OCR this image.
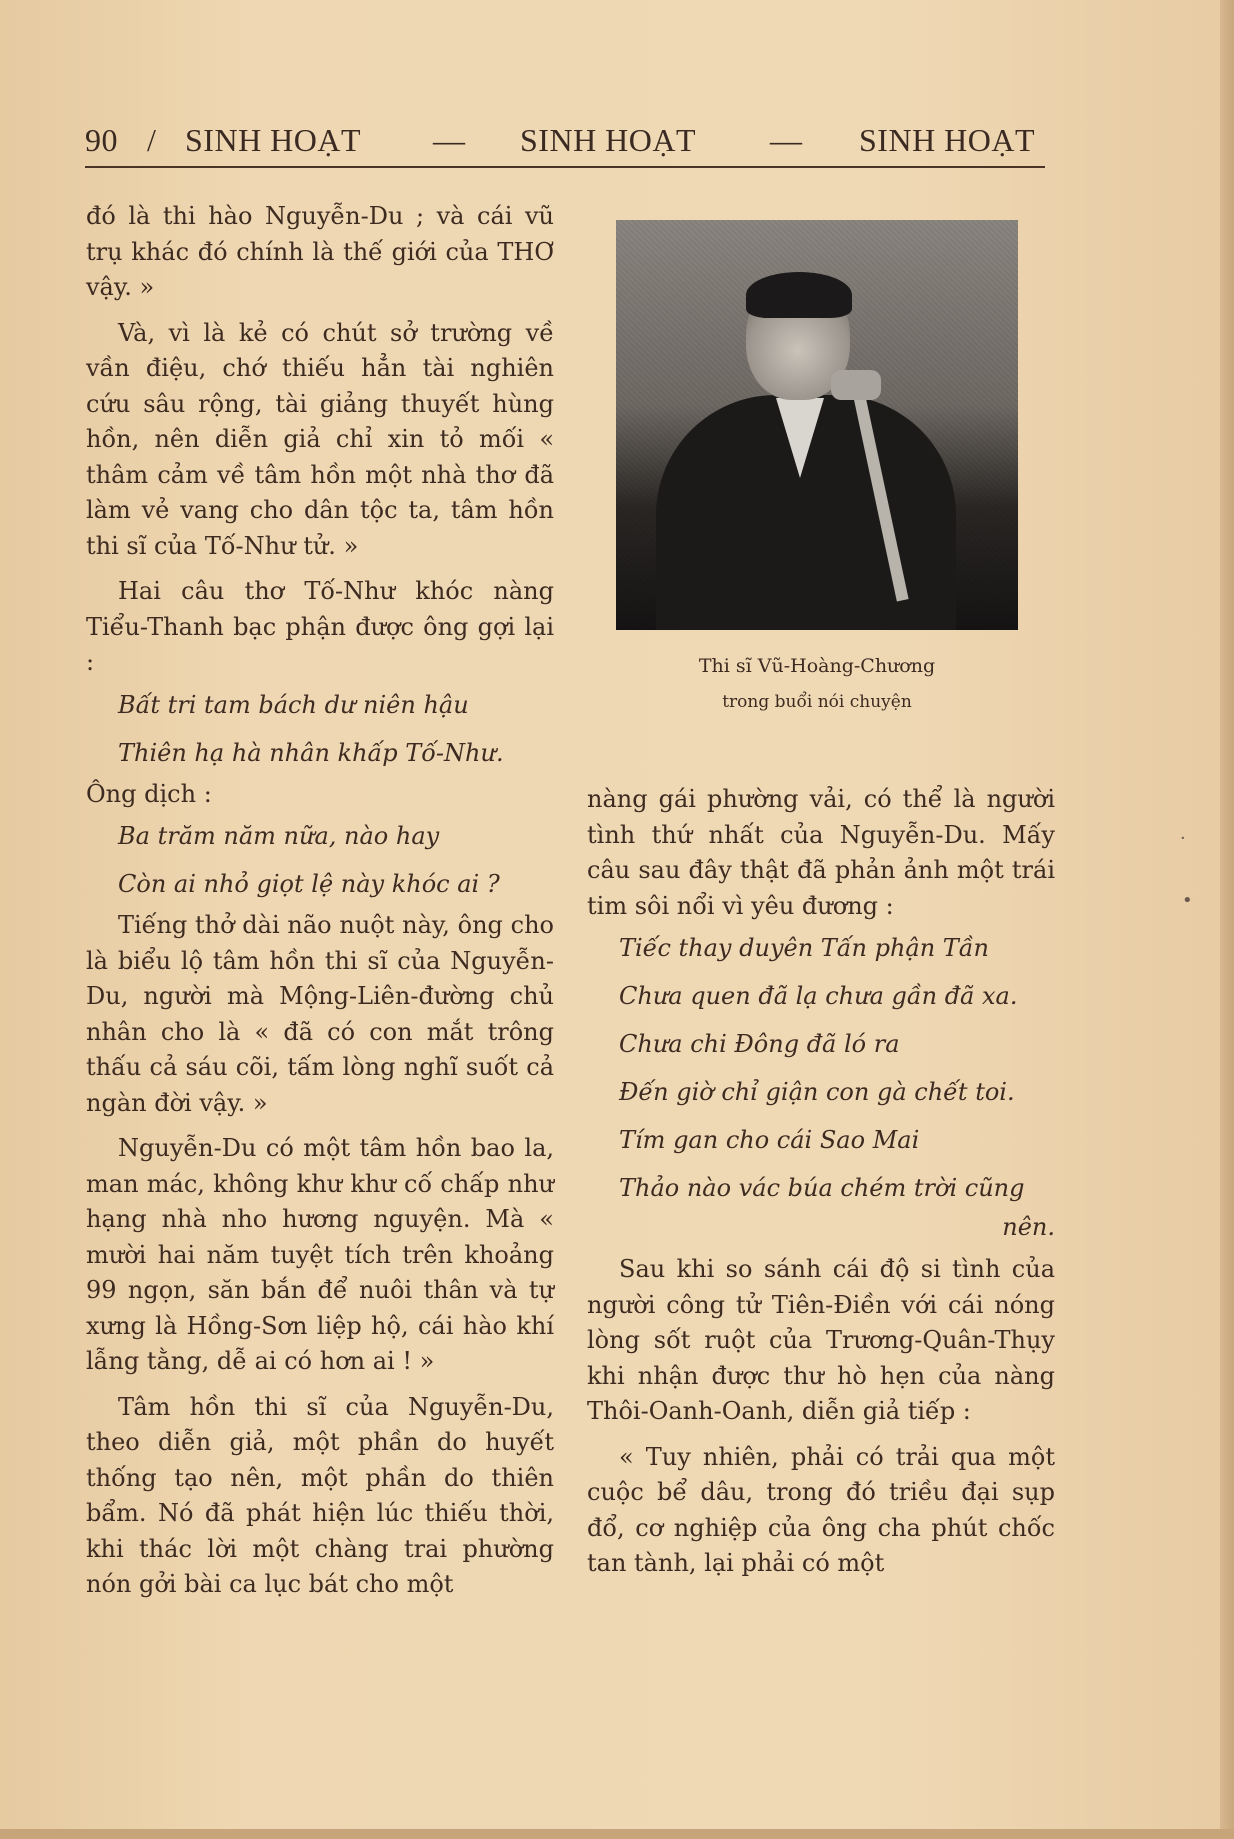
90 / SINH HOẠT — SINH HOẠT — SINH HOẠT

đó là thi hào Nguyễn-Du ; và cái vũ trụ khác đó chính là thế giới của THƠ vậy. »

Và, vì là kẻ có chút sở trường về vần điệu, chớ thiếu hẳn tài nghiên cứu sâu rộng, tài giảng thuyết hùng hồn, nên diễn giả chỉ xin tỏ mối « thâm cảm về tâm hồn một nhà thơ đã làm vẻ vang cho dân tộc ta, tâm hồn thi sĩ của Tố-Như tử. »

Hai câu thơ Tố-Như khóc nàng Tiểu-Thanh bạc phận được ông gợi lại :

Bất tri tam bách dư niên hậu

Thiên hạ hà nhân khấp Tố-Như.

Ông dịch :

Ba trăm năm nữa, nào hay

Còn ai nhỏ giọt lệ này khóc ai ?

Tiếng thở dài não nuột này, ông cho là biểu lộ tâm hồn thi sĩ của Nguyễn-Du, người mà Mộng-Liên-đường chủ nhân cho là « đã có con mắt trông thấu cả sáu cõi, tấm lòng nghĩ suốt cả ngàn đời vậy. »

Nguyễn-Du có một tâm hồn bao la, man mác, không khư khư cố chấp như hạng nhà nho hương nguyện. Mà « mười hai năm tuyệt tích trên khoảng 99 ngọn, săn bắn để nuôi thân và tự xưng là Hồng-Sơn liệp hộ, cái hào khí lẫng tằng, dễ ai có hơn ai ! »

Tâm hồn thi sĩ của Nguyễn-Du, theo diễn giả, một phần do huyết thống tạo nên, một phần do thiên bẩm. Nó đã phát hiện lúc thiếu thời, khi thác lời một chàng trai phường nón gởi bài ca lục bát cho một

Thi sĩ Vũ-Hoàng-Chương

trong buổi nói chuyện

nàng gái phường vải, có thể là người tình thứ nhất của Nguyễn-Du. Mấy câu sau đây thật đã phản ảnh một trái tim sôi nổi vì yêu đương :

Tiếc thay duyên Tấn phận Tần

Chưa quen đã lạ chưa gần đã xa.

Chưa chi Đông đã ló ra

Đến giờ chỉ giận con gà chết toi.

Tím gan cho cái Sao Mai

Thảo nào vác búa chém trời cũng

nên.

Sau khi so sánh cái độ si tình của người công tử Tiên-Điền với cái nóng lòng sốt ruột của Trương-Quân-Thụy khi nhận được thư hò hẹn của nàng Thôi-Oanh-Oanh, diễn giả tiếp :

« Tuy nhiên, phải có trải qua một cuộc bể dâu, trong đó triều đại sụp đổ, cơ nghiệp của ông cha phút chốc tan tành, lại phải có một

·
•
